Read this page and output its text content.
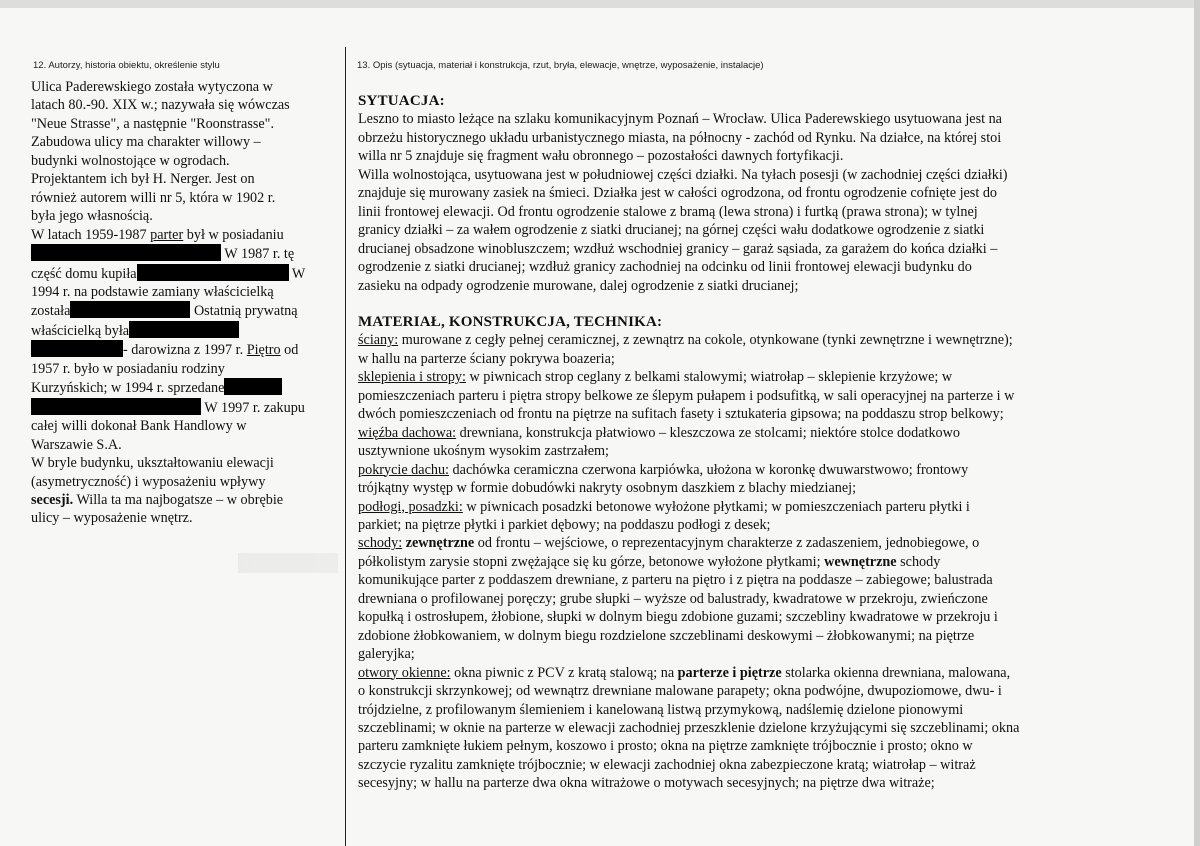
12. Autorzy, historia obiektu, określenie stylu	13. Opis (sytuacja, materiał i konstrukcja, rzut, bryła, elewacje, wnętrze, wyposażenie, instalacje)
Ulica Paderewskiego została wytyczona w
latach 80.-90. XIX w.; nazywała się wówczas
"Neue Strasse", a następnie "Roonstrasse".
Zabudowa ulicy ma charakter willowy –
budynki wolnostojące w ogrodach.
Projektantem ich był H. Nerger. Jest on
również autorem willi nr 5, która w 1902 r.
była jego własnością.
W latach 1959-1987 parter był w posiadaniu
W 1987 r. tę
część domu kupiła	W
1994 r. na podstawie zamiany właścicielką
została	Ostatnią prywatną
właścicielką była
- darowizna z 1997 r. Piętro od
1957 r. było w posiadaniu rodziny
Kurzyńskich; w 1994 r. sprzedane
W 1997 r. zakupu
całej willi dokonał Bank Handlowy w
Warszawie S.A.
W bryle budynku, ukształtowaniu elewacji
(asymetryczność) i wyposażeniu wpływy
secesji. Willa ta ma najbogatsze – w obrębie
ulicy – wyposażenie wnętrz.
SYTUACJA:
Leszno to miasto leżące na szlaku komunikacyjnym Poznań – Wrocław. Ulica Paderewskiego usytuowana jest na
obrzeżu historycznego układu urbanistycznego miasta, na północny - zachód od Rynku. Na działce, na której stoi
willa nr 5 znajduje się fragment wału obronnego – pozostałości dawnych fortyfikacji.
Willa wolnostojąca, usytuowana jest w południowej części działki. Na tyłach posesji (w zachodniej części działki)
znajduje się murowany zasiek na śmieci. Działka jest w całości ogrodzona, od frontu ogrodzenie cofnięte jest do
linii frontowej elewacji. Od frontu ogrodzenie stalowe z bramą (lewa strona) i furtką (prawa strona); w tylnej
granicy działki – za wałem ogrodzenie z siatki drucianej; na górnej części wału dodatkowe ogrodzenie z siatki
drucianej obsadzone winobluszczem; wzdłuż wschodniej granicy – garaż sąsiada, za garażem do końca działki –
ogrodzenie z siatki drucianej; wzdłuż granicy zachodniej na odcinku od linii frontowej elewacji budynku do
zasieku na odpady ogrodzenie murowane, dalej ogrodzenie z siatki drucianej;
MATERIAŁ, KONSTRUKCJA, TECHNIKA:
ściany: murowane z cegły pełnej ceramicznej, z zewnątrz na cokole, otynkowane (tynki zewnętrzne i wewnętrzne);
w hallu na parterze ściany pokrywa boazeria;
sklepienia i stropy: w piwnicach strop ceglany z belkami stalowymi; wiatrołap – sklepienie krzyżowe; w
pomieszczeniach parteru i piętra stropy belkowe ze ślepym pułapem i podsufitką, w sali operacyjnej na parterze i w
dwóch pomieszczeniach od frontu na piętrze na sufitach fasety i sztukateria gipsowa; na poddaszu strop belkowy;
więźba dachowa: drewniana, konstrukcja płatwiowo – kleszczowa ze stolcami; niektóre stolce dodatkowo
usztywnione ukośnym wysokim zastrzałem;
pokrycie dachu: dachówka ceramiczna czerwona karpiówka, ułożona w koronkę dwuwarstwowo; frontowy
trójkątny występ w formie dobudówki nakryty osobnym daszkiem z blachy miedzianej;
podłogi, posadzki: w piwnicach posadzki betonowe wyłożone płytkami; w pomieszczeniach parteru płytki i
parkiet; na piętrze płytki i parkiet dębowy; na poddaszu podłogi z desek;
schody: zewnętrzne od frontu – wejściowe, o reprezentacyjnym charakterze z zadaszeniem, jednobiegowe, o
półkolistym zarysie stopni zwężające się ku górze, betonowe wyłożone płytkami; wewnętrzne schody
komunikujące parter z poddaszem drewniane, z parteru na piętro i z piętra na poddasze – zabiegowe; balustrada
drewniana o profilowanej poręczy; grube słupki – wyższe od balustrady, kwadratowe w przekroju, zwieńczone
kopułką i ostrosłupem, żłobione, słupki w dolnym biegu zdobione guzami; szczebliny kwadratowe w przekroju i
zdobione żłobkowaniem, w dolnym biegu rozdzielone szczeblinami deskowymi – żłobkowanymi; na piętrze
galeryjka;
otwory okienne: okna piwnic z PCV z kratą stalową; na parterze i piętrze stolarka okienna drewniana, malowana,
o konstrukcji skrzynkowej; od wewnątrz drewniane malowane parapety; okna podwójne, dwupoziomowe, dwu- i
trójdzielne, z profilowanym ślemieniem i kanelowaną listwą przymykową, nadślemię dzielone pionowymi
szczeblinami; w oknie na parterze w elewacji zachodniej przeszklenie dzielone krzyżującymi się szczeblinami; okna
parteru zamknięte łukiem pełnym, koszowo i prosto; okna na piętrze zamknięte trójbocznie i prosto; okno w
szczycie ryzalitu zamknięte trójbocznie; w elewacji zachodniej okna zabezpieczone kratą; wiatrołap – witraż
secesyjny; w hallu na parterze dwa okna witrażowe o motywach secesyjnych; na piętrze dwa witraże;
